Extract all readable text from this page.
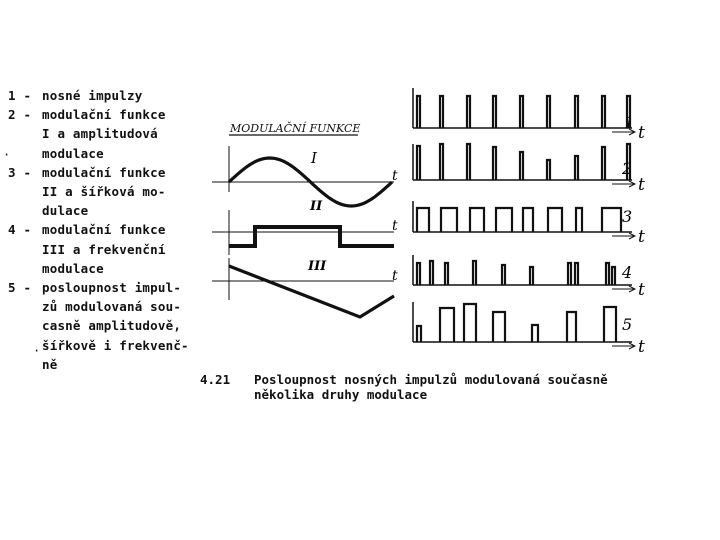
1 - nosné impulzy
2 - modulační funkce
I a amplitudová
modulace
3 - modulační funkce
II a šířková mo-
dulace
4 - modulační funkce
III a frekvenční
modulace
5 - posloupnost impul-
zů modulovaná sou-
casně amplitudově,
šířkově i frekvenč-
ně
·
·
MODULAČNÍ FUNKCE
I
t
II
t
III
t
1
2
3
4
5
t
t
t
t
t
4.21 Posloupnost nosných impulzů modulovaná současně
několika druhy modulace
